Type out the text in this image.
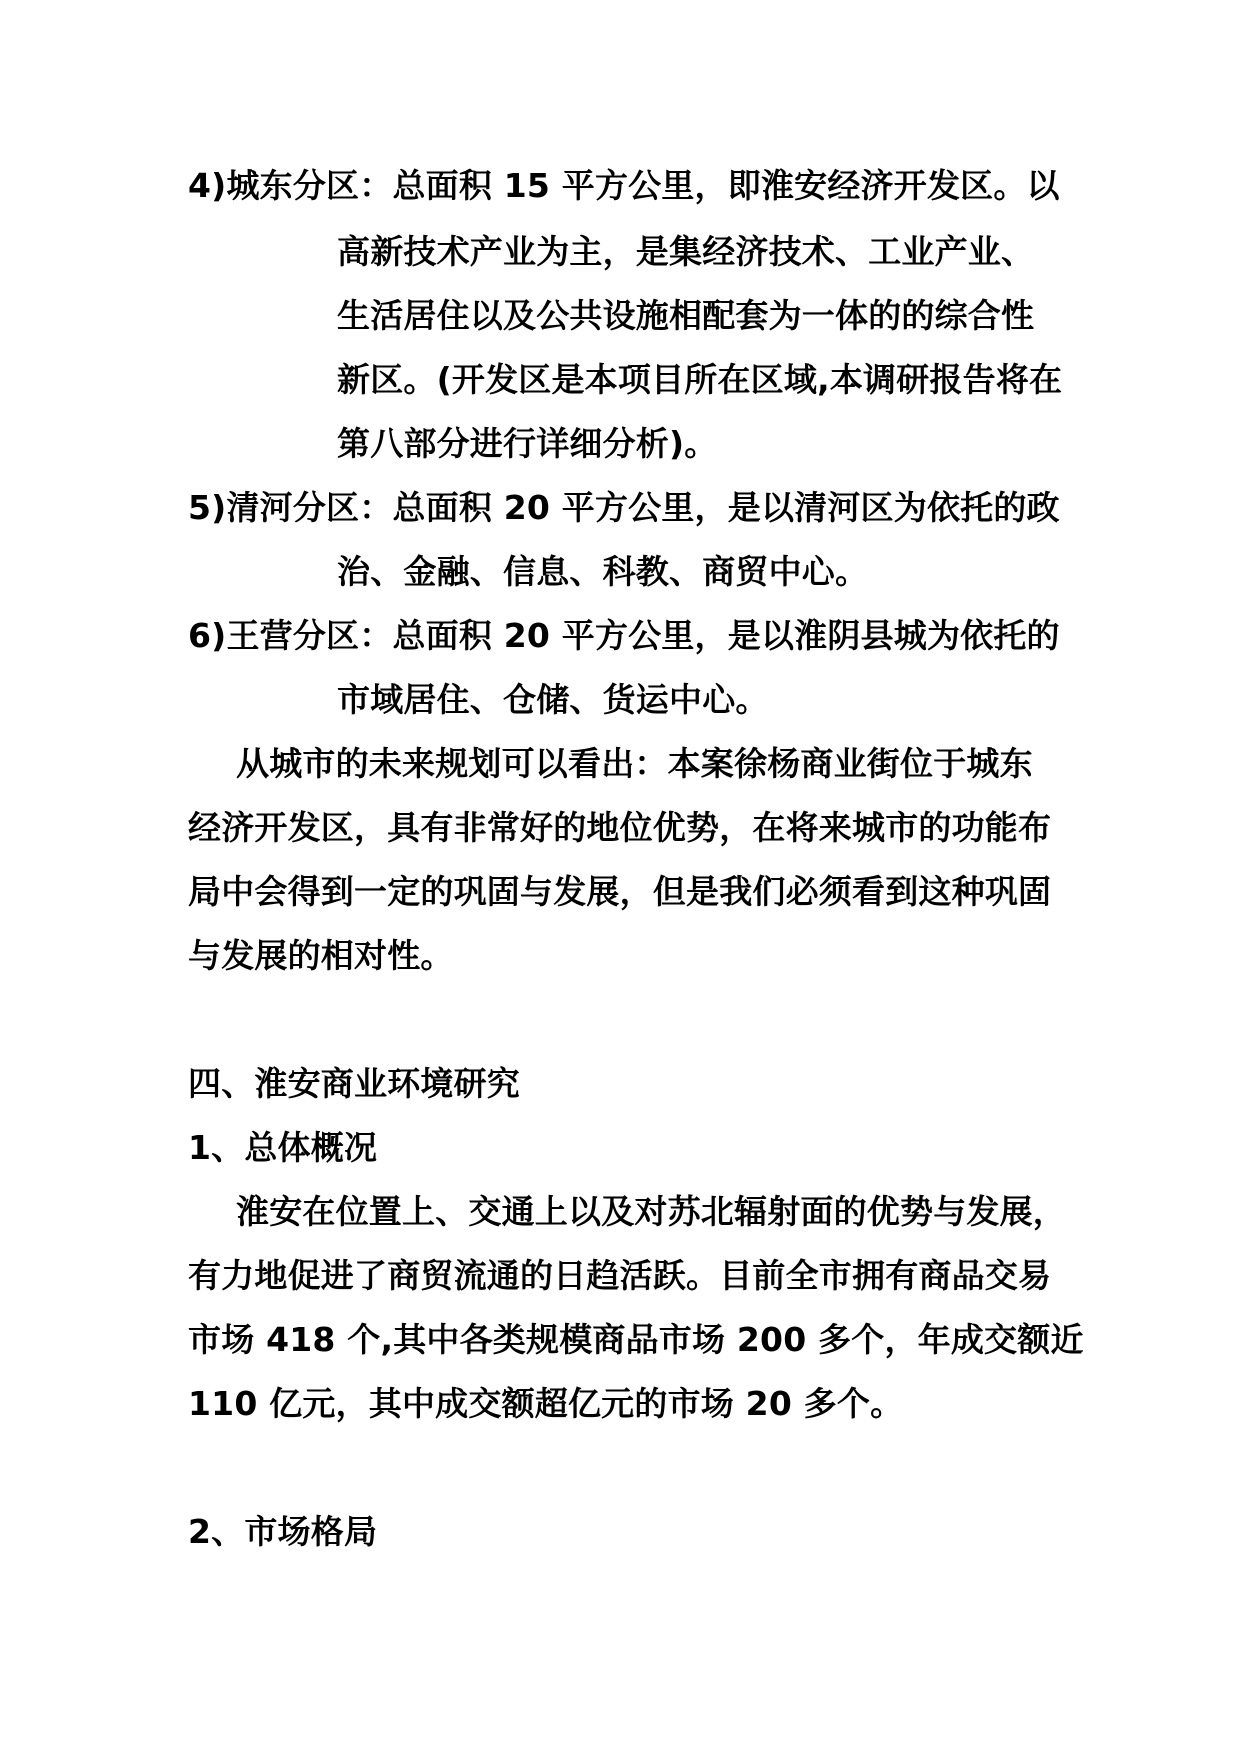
4)城东分区：总面积 15 平方公里，即淮安经济开发区。以
高新技术产业为主，是集经济技术、工业产业、
生活居住以及公共设施相配套为一体的的综合性
新区。(开发区是本项目所在区域,本调研报告将在
第八部分进行详细分析)。
5)清河分区：总面积 20 平方公里，是以清河区为依托的政
治、金融、信息、科教、商贸中心。
6)王营分区：总面积 20 平方公里，是以淮阴县城为依托的
市域居住、仓储、货运中心。
从城市的未来规划可以看出：本案徐杨商业街位于城东
经济开发区，具有非常好的地位优势，在将来城市的功能布
局中会得到一定的巩固与发展，但是我们必须看到这种巩固
与发展的相对性。
四、淮安商业环境研究
1、总体概况
淮安在位置上、交通上以及对苏北辐射面的优势与发展，
有力地促进了商贸流通的日趋活跃。目前全市拥有商品交易
市场 418 个,其中各类规模商品市场 200 多个，年成交额近
110 亿元，其中成交额超亿元的市场 20 多个。
2、市场格局
